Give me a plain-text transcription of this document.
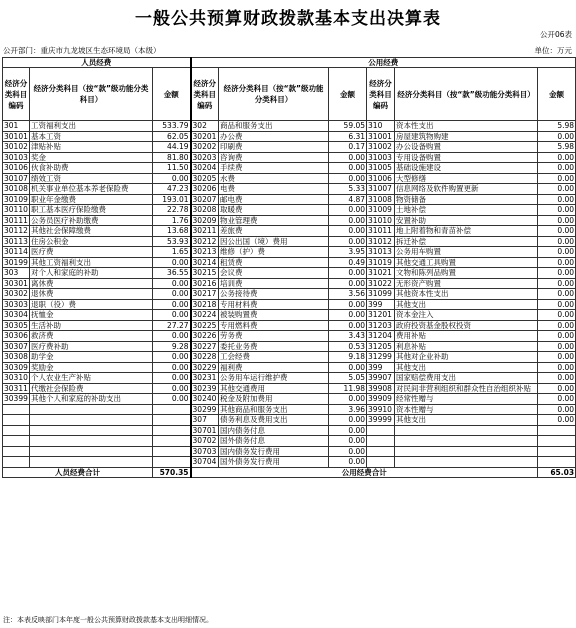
一般公共预算财政拨款基本支出决算表
公开06表
公开部门：重庆市九龙坡区生态环境局（本级）	单位：万元
人员经费			公用经费					
经济分类科目编码	经济分类科目（按“款”级功能分类科目）	金额	经济分类科目编码	经济分类科目（按“款”级功能分类科目）	金额	经济分类科目编码	经济分类科目（按“款”级功能分类科目）	金额
301	工资福利支出	533.79	302	商品和服务支出	59.05	310	资本性支出	5.98
30101	基本工资	62.05	30201	办公费	6.31	31001	房屋建筑物购建	0.00
30102	津贴补贴	44.19	30202	印刷费	0.17	31002	办公设备购置	5.98
30103	奖金	81.80	30203	咨询费	0.00	31003	专用设备购置	0.00
30106	伙食补助费	11.50	30204	手续费	0.00	31005	基础设施建设	0.00
30107	绩效工资	0.00	30205	水费	0.00	31006	大型修缮	0.00
30108	机关事业单位基本养老保险费	47.23	30206	电费	5.33	31007	信息网络及软件购置更新	0.00
30109	职业年金缴费	193.01	30207	邮电费	4.87	31008	物资储备	0.00
30110	职工基本医疗保险缴费	22.78	30208	取暖费	0.00	31009	土地补偿	0.00
30111	公务员医疗补助缴费	1.76	30209	物业管理费	0.00	31010	安置补助	0.00
30112	其他社会保障缴费	13.68	30211	差旅费	0.00	31011	地上附着物和青苗补偿	0.00
30113	住房公积金	53.93	30212	因公出国（境）费用	0.00	31012	拆迁补偿	0.00
30114	医疗费	1.65	30213	维修（护）费	3.95	31013	公务用车购置	0.00
30199	其他工资福利支出	0.00	30214	租赁费	0.49	31019	其他交通工具购置	0.00
303	对个人和家庭的补助	36.55	30215	会议费	0.00	31021	文物和陈列品购置	0.00
30301	离休费	0.00	30216	培训费	0.00	31022	无形资产购置	0.00
30302	退休费	0.00	30217	公务接待费	3.56	31099	其他资本性支出	0.00
30303	退职（役）费	0.00	30218	专用材料费	0.00	399	其他支出	0.00
30304	抚恤金	0.00	30224	被装购置费	0.00	31201	资本金注入	0.00
30305	生活补助	27.27	30225	专用燃料费	0.00	31203	政府投资基金股权投资	0.00
30306	救济费	0.00	30226	劳务费	3.43	31204	费用补贴	0.00
30307	医疗费补助	9.28	30227	委托业务费	0.53	31205	利息补贴	0.00
30308	助学金	0.00	30228	工会经费	9.18	31299	其他对企业补助	0.00
30309	奖励金	0.00	30229	福利费	0.00	399	其他支出	0.00
30310	个人农业生产补贴	0.00	30231	公务用车运行维护费	5.05	39907	国家赔偿费用支出	0.00
30311	代缴社会保险费	0.00	30239	其他交通费用	11.98	39908	对民间非营利组织和群众性自治组织补贴	0.00
30399	其他个人和家庭的补助支出	0.00	30240	税金及附加费用	0.00	39909	经常性赠与	0.00
			30299	其他商品和服务支出	3.96	39910	资本性赠与	0.00
			307	债务利息及费用支出	0.00	39999	其他支出	0.00
			30701	国内债务付息	0.00			
			30702	国外债务付息	0.00			
			30703	国内债务发行费用	0.00			
			30704	国外债务发行费用	0.00			
人员经费合计		570.35	公用经费合计					65.03
注：本表反映部门本年度一般公共预算财政拨款基本支出明细情况。
